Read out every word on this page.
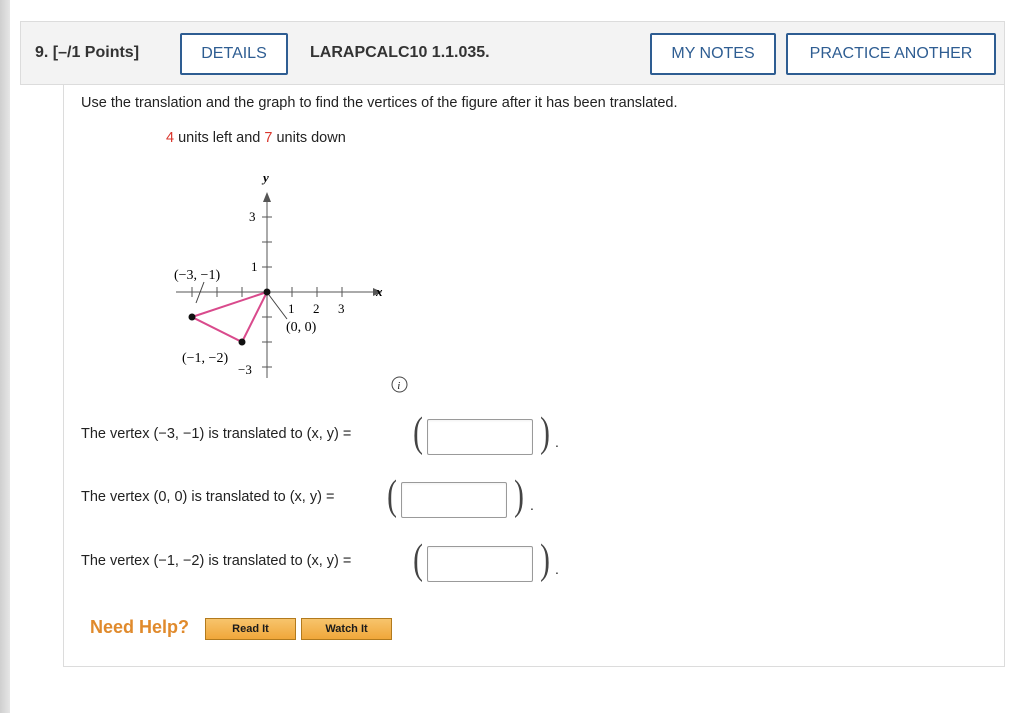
9. [–/1 Points]	DETAILS	LARAPCALC10 1.1.035.	MY NOTES	PRACTICE ANOTHER
Use the translation and the graph to find the vertices of the figure after it has been translated.
4 units left and 7 units down
y
x
3
1
−3
1 2 3
(−3, −1)
(0, 0)
(−1, −2)
i
The vertex (−3, −1) is translated to (x, y) = (	) .
The vertex (0, 0) is translated to (x, y) = (	) .
The vertex (−1, −2) is translated to (x, y) = (	) .
Need Help?	Read It	Watch It
